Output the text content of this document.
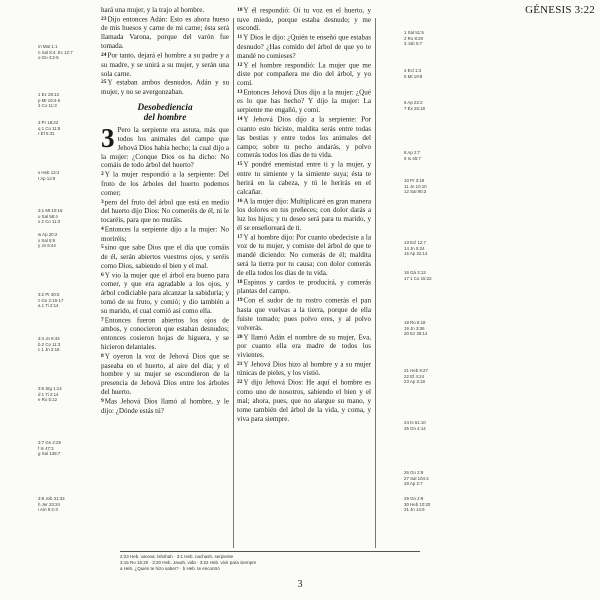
GÉNESIS 3:22
m Mat 1:1
n Sal 8:4; Ec 12:7
o Gn 4:2-5
1 Ez 28:13
p Mt 19:4-6
2 Co 11:3
3 Pr 18:22
q 1 Co 11:8
r Ef 5:31
s Heb 13:4
t Ap 12:9
3:1 Mt 10:16
u Sal 58:4
v 2 Co 11:3
w Ap 20:2
x Sal 5:9
y Jn 8:44
3:2 Pr 30:5
z Gn 2:16-17
a 1 Ti 2:14
3:4 Jn 8:44
b 2 Co 11:3
c 1 Jn 2:16
3:6 Stg 1:14
d 1 Ti 2:14
e Ro 5:12
3:7 Gn 2:25
f Is 47:3
g Sal 139:7
3:8 Job 31:33
h Jer 23:24
i Am 9:2-3

hará una mujer, y la trajo al hombre.

$^{23}$Dijo entonces Adán: Esto es ahora hueso de mis huesos y carne de mi carne; ésta será llamada Varona, porque del varón fue tomada.

$^{24}$Por tanto, dejará el hombre a su padre y a su madre, y se unirá a su mujer, y serán una sola carne.

$^{25}$Y estaban ambos desnudos, Adán y su mujer, y no se avergonzaban.

Desobediencia
del hombre

3 Pero la serpiente era astuta, más que todos los animales del campo que Jehová Dios había hecho; la cual dijo a la mujer: ¿Conque Dios os ha dicho: No comáis de todo árbol del huerto?

$^2$Y la mujer respondió a la serpiente: Del fruto de los árboles del huerto podemos comer;

$^3$pero del fruto del árbol que está en medio del huerto dijo Dios: No comeréis de él, ni le tocaréis, para que no muráis.

$^4$Entonces la serpiente dijo a la mujer: No moriréis;

$^5$sino que sabe Dios que el día que comáis de él, serán abiertos vuestros ojos, y seréis como Dios, sabiendo el bien y el mal.

$^6$Y vio la mujer que el árbol era bueno para comer, y que era agradable a los ojos, y árbol codiciable para alcanzar la sabiduría; y tomó de su fruto, y comió; y dio también a su marido, el cual comió así como ella.

$^7$Entonces fueron abiertos los ojos de ambos, y conocieron que estaban desnudos; entonces cosieron hojas de higuera, y se hicieron delantales.

$^8$Y oyeron la voz de Jehová Dios que se paseaba en el huerto, al aire del día; y el hombre y su mujer se escondieron de la presencia de Jehová Dios entre los árboles del huerto.

$^9$Mas Jehová Dios llamó al hombre, y le dijo: ¿Dónde estás tú?

$^{10}$Y él respondió: Oí tu voz en el huerto, y tuve miedo, porque estaba desnudo; y me escondí.

$^{11}$Y Dios le dijo: ¿Quién te enseñó que estabas desnudo? ¿Has comido del árbol de que yo te mandé no comieses?

$^{12}$Y el hombre respondió: La mujer que me diste por compañera me dio del árbol, y yo comí.

$^{13}$Entonces Jehová Dios dijo a la mujer: ¿Qué es lo que has hecho? Y dijo la mujer: La serpiente me engañó, y comí.

$^{14}$Y Jehová Dios dijo a la serpiente: Por cuanto esto hiciste, maldita serás entre todas las bestias y entre todos los animales del campo; sobre tu pecho andarás, y polvo comerás todos los días de tu vida.

$^{15}$Y pondré enemistad entre ti y la mujer, y entre tu simiente y la simiente suya; ésta te herirá en la cabeza, y tú le herirás en el calcañar.

$^{16}$A la mujer dijo: Multiplicaré en gran manera los dolores en tus preñeces; con dolor darás a luz los hijos; y tu deseo será para tu marido, y él se enseñoreará de ti.

$^{17}$Y al hombre dijo: Por cuanto obedeciste a la voz de tu mujer, y comiste del árbol de que te mandé diciendo: No comerás de él; maldita será la tierra por tu causa; con dolor comerás de ella todos los días de tu vida.

$^{18}$Espinos y cardos te producirá, y comerás plantas del campo.

$^{19}$Con el sudor de tu rostro comerás el pan hasta que vuelvas a la tierra, porque de ella fuiste tomado; pues polvo eres, y al polvo volverás.

$^{20}$Y llamó Adán el nombre de su mujer, Eva, por cuanto ella era madre de todos los vivientes.

$^{21}$Y Jehová Dios hizo al hombre y a su mujer túnicas de pieles, y los vistió.

$^{22}$Y dijo Jehová Dios: He aquí el hombre es como uno de nosotros, sabiendo el bien y el mal; ahora, pues, que no alargue su mano, y tome también del árbol de la vida, y coma, y viva para siempre.

1 Sal 51:5
2 Ro 8:20
3 Job 5:7
4 Ecl 1:3
5 Mt 19:8
6 Ap 22:2
7 Éx 25:18
8 Ap 2:7
9 Is 45:7
10 Pr 3:18
11 Jn 10:10
12 Sal 90:3
13 Ecl 12:7
14 Jn 5:24
15 Ap 22:14
16 Gá 3:13
17 1 Co 15:22
18 Ro 5:18
19 Jn 3:36
20 Ez 28:14
21 Heb 9:27
22 Ef 4:24
23 Ap 3:18
24 Is 61:10
25 Gn 4:14
26 Gn 2:8
27 Sal 104:4
28 Ap 2:7
29 Gn 2:9
30 Heb 10:20
31 Jn 14:6
2:23 Heb. varona: Ishshah · 3:1 Heb. nachash, serpiente
3:15 Ro 16:20 · 3:20 Heb. Javah, vida · 3:22 Heb. vivir para siempre
a Heb. ¿Quién te hizo saber? · b Heb. te encontró
3
